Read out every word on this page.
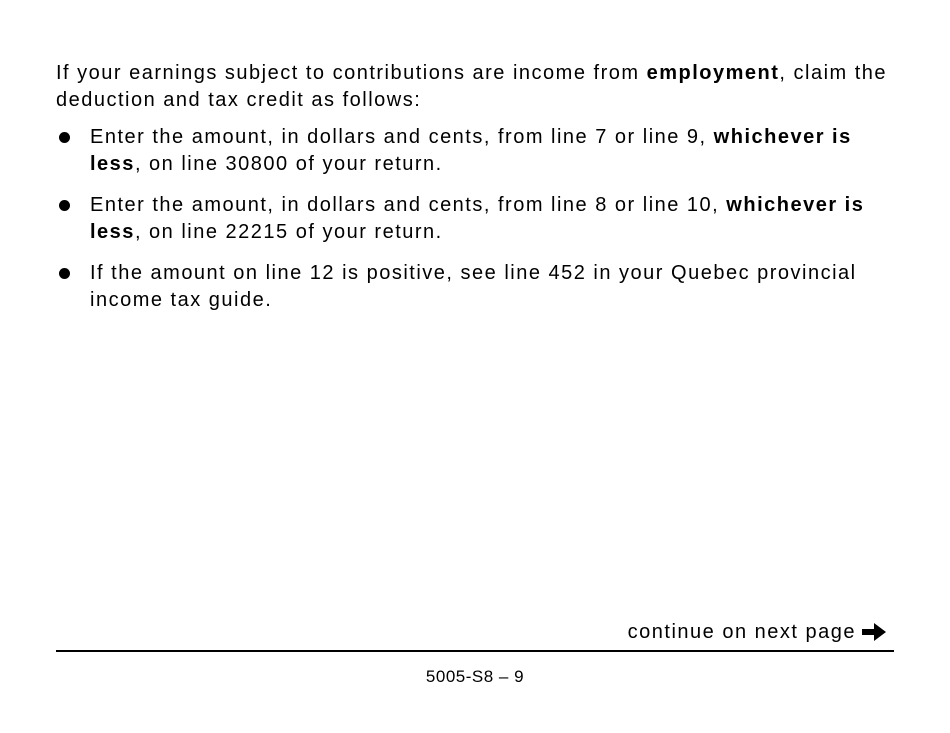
If your earnings subject to contributions are income from employment, claim the deduction and tax credit as follows:

Enter the amount, in dollars and cents, from line 7 or line 9, whichever is less, on line 30800 of your return.
Enter the amount, in dollars and cents, from line 8 or line 10, whichever is less, on line 22215 of your return.
If the amount on line 12 is positive, see line 452 in your Quebec provincial income tax guide.
continue on next page
5005-S8 – 9
